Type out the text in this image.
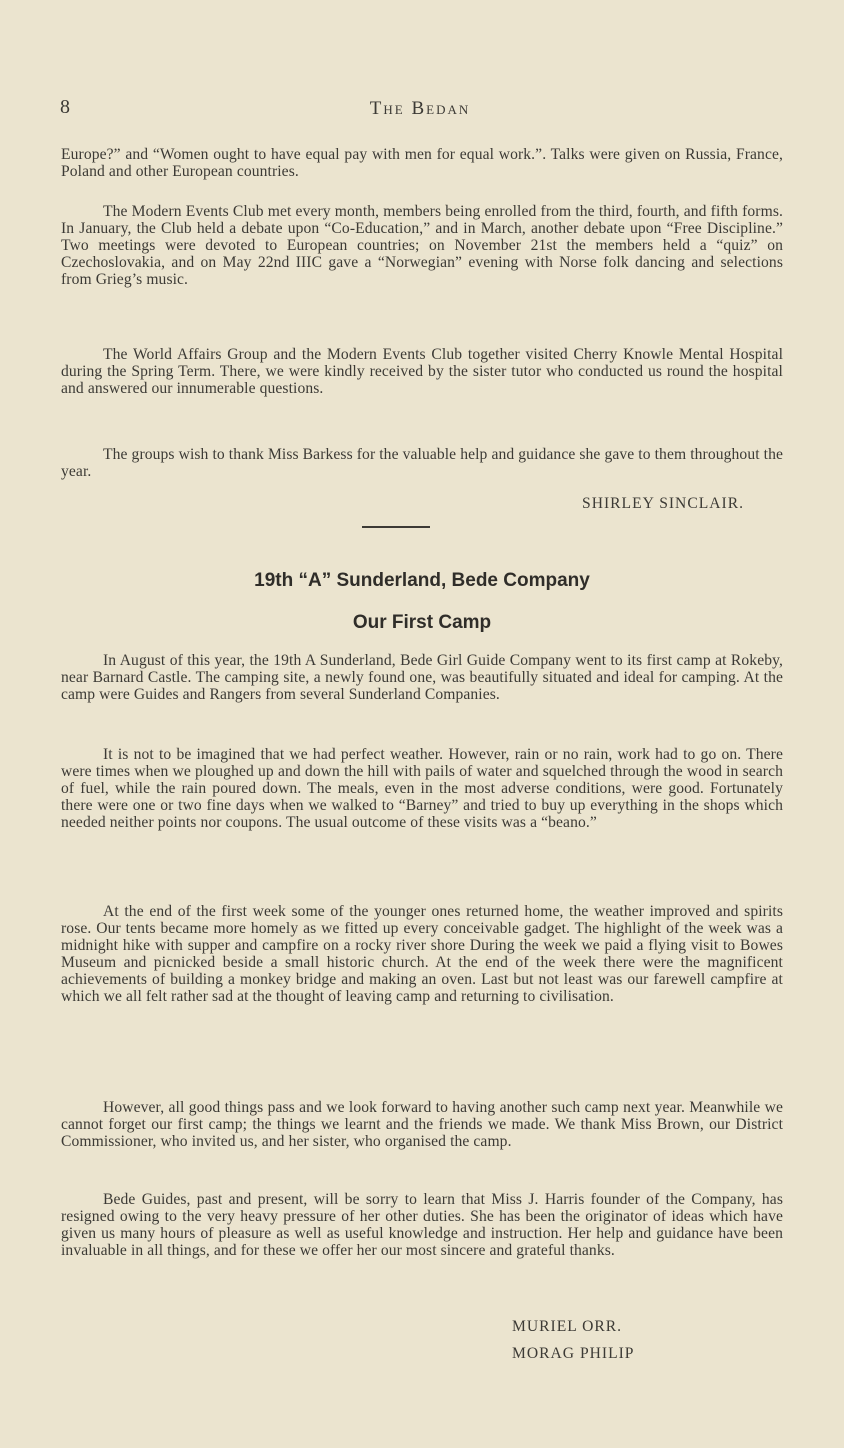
8	The Bedan

Europe?” and “Women ought to have equal pay with men for equal work.”. Talks were given on Russia, France, Poland and other European countries.

The Modern Events Club met every month, members being enrolled from the third, fourth, and fifth forms. In January, the Club held a debate upon “Co-Education,” and in March, another debate upon “Free Discipline.” Two meetings were devoted to European countries; on November 21st the members held a “quiz” on Czechoslovakia, and on May 22nd IIIC gave a “Norwegian” evening with Norse folk dancing and selections from Grieg’s music.

The World Affairs Group and the Modern Events Club together visited Cherry Knowle Mental Hospital during the Spring Term. There, we were kindly received by the sister tutor who conducted us round the hospital and answered our innumerable questions.

The groups wish to thank Miss Barkess for the valuable help and guidance she gave to them throughout the year.

SHIRLEY SINCLAIR.
19th “A” Sunderland, Bede Company
Our First Camp

In August of this year, the 19th A Sunderland, Bede Girl Guide Company went to its first camp at Rokeby, near Barnard Castle. The camping site, a newly found one, was beautifully situated and ideal for camping. At the camp were Guides and Rangers from several Sunderland Companies.

It is not to be imagined that we had perfect weather. However, rain or no rain, work had to go on. There were times when we ploughed up and down the hill with pails of water and squelched through the wood in search of fuel, while the rain poured down. The meals, even in the most adverse conditions, were good. Fortunately there were one or two fine days when we walked to “Barney” and tried to buy up everything in the shops which needed neither points nor coupons. The usual outcome of these visits was a “beano.”

At the end of the first week some of the younger ones returned home, the weather improved and spirits rose. Our tents became more homely as we fitted up every conceivable gadget. The highlight of the week was a midnight hike with supper and campfire on a rocky river shore During the week we paid a flying visit to Bowes Museum and picnicked beside a small historic church. At the end of the week there were the magnificent achievements of building a monkey bridge and making an oven. Last but not least was our farewell campfire at which we all felt rather sad at the thought of leaving camp and returning to civilisation.

However, all good things pass and we look forward to having another such camp next year. Meanwhile we cannot forget our first camp; the things we learnt and the friends we made. We thank Miss Brown, our District Commissioner, who invited us, and her sister, who organised the camp.

Bede Guides, past and present, will be sorry to learn that Miss J. Harris founder of the Company, has resigned owing to the very heavy pressure of her other duties. She has been the originator of ideas which have given us many hours of pleasure as well as useful knowledge and instruction. Her help and guidance have been invaluable in all things, and for these we offer her our most sincere and grateful thanks.

MURIEL ORR.
MORAG PHILIP
